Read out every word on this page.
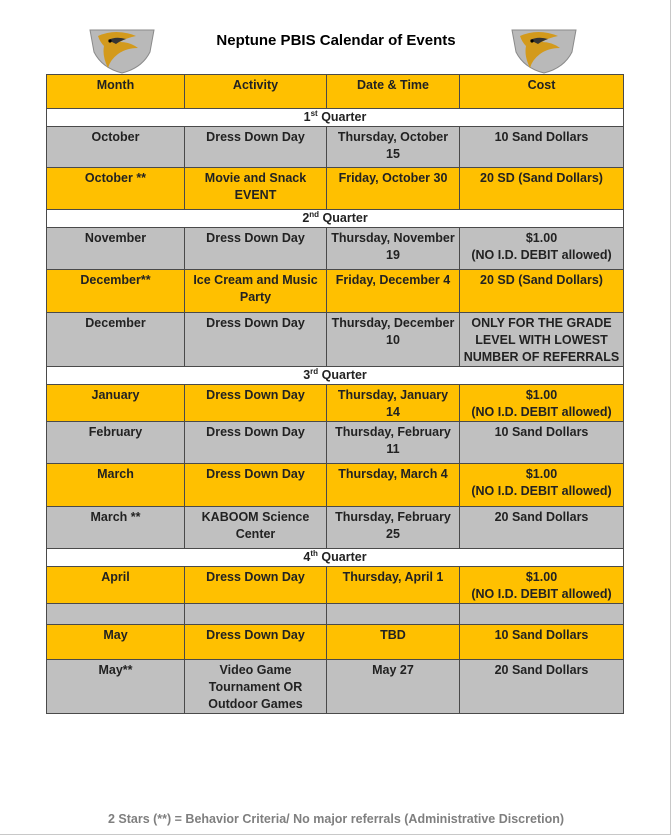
Neptune PBIS Calendar of Events
Month	Activity	Date & Time	Cost
1st Quarter			
October	Dress Down Day	Thursday, October 15	10 Sand Dollars
October **	Movie and Snack EVENT	Friday, October 30	20 SD (Sand Dollars)
2nd Quarter			
November	Dress Down Day	Thursday, November 19	$1.00
(NO I.D. DEBIT allowed)

December**	Ice Cream and Music Party	Friday, December 4	20 SD (Sand Dollars)
December	Dress Down Day	Thursday, December 10	ONLY FOR THE GRADE LEVEL WITH LOWEST NUMBER OF REFERRALS
3rd Quarter			
January	Dress Down Day	Thursday, January 14	$1.00
(NO I.D. DEBIT allowed)

February	Dress Down Day	Thursday, February 11	10 Sand Dollars
March	Dress Down Day	Thursday, March 4	$1.00
(NO I.D. DEBIT allowed)

March **	KABOOM Science Center	Thursday, February 25	20 Sand Dollars
4th Quarter			
April	Dress Down Day	Thursday, April 1	$1.00
(NO I.D. DEBIT allowed)

May	Dress Down Day	TBD	10 Sand Dollars
May**	Video Game Tournament OR Outdoor Games	May 27	20 Sand Dollars
2 Stars (**) = Behavior Criteria/ No major referrals (Administrative Discretion)
